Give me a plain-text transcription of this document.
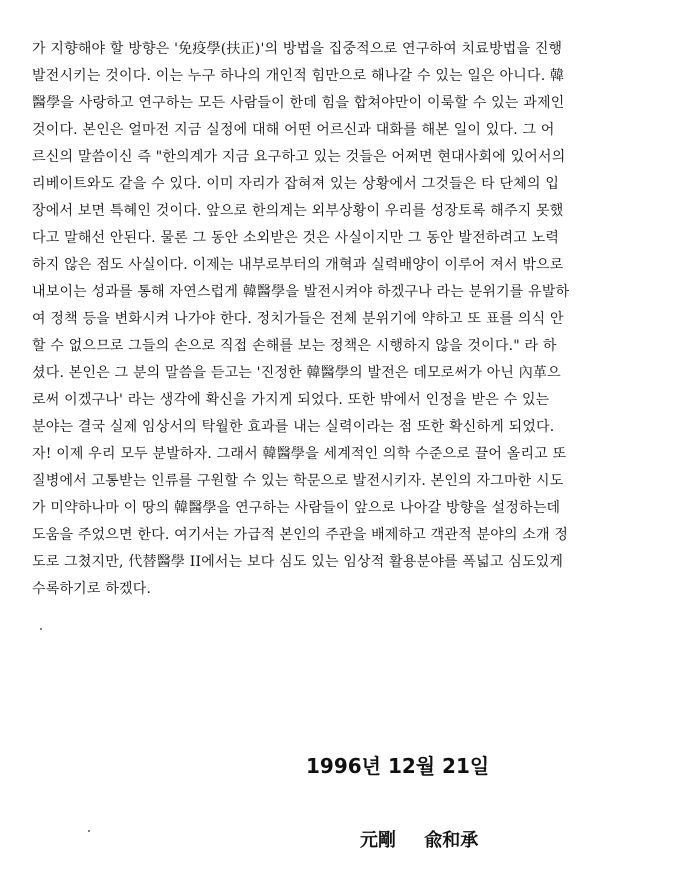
가 지향해야 할 방향은 '免疫學(扶正)'의 방법을 집중적으로 연구하여 치료방법을 진행
발전시키는 것이다. 이는 누구 하나의 개인적 힘만으로 해나갈 수 있는 일은 아니다. 韓
醫學을 사랑하고 연구하는 모든 사람들이 한데 힘을 합쳐야만이 이룩할 수 있는 과제인
것이다. 본인은 얼마전 지금 실정에 대해 어떤 어르신과 대화를 해본 일이 있다. 그 어
르신의 말씀이신 즉 "한의계가 지금 요구하고 있는 것들은 어쩌면 현대사회에 있어서의
리베이트와도 같을 수 있다. 이미 자리가 잡혀져 있는 상황에서 그것들은 타 단체의 입
장에서 보면 특혜인 것이다. 앞으로 한의계는 외부상황이 우리를 성장토록 해주지 못했
다고 말해선 안된다. 물론 그 동안 소외받은 것은 사실이지만 그 동안 발전하려고 노력
하지 않은 점도 사실이다. 이제는 내부로부터의 개혁과 실력배양이 이루어 져서 밖으로
내보이는 성과를 통해 자연스럽게 韓醫學을 발전시켜야 하겠구나 라는 분위기를 유발하
여 정책 등을 변화시켜 나가야 한다. 정치가들은 전체 분위기에 약하고 또 표를 의식 안
할 수 없으므로 그들의 손으로 직접 손해를 보는 정책은 시행하지 않을 것이다." 라 하
셨다. 본인은 그 분의 말씀을 듣고는 '진정한 韓醫學의 발전은 데모로써가 아닌 內革으
로써 이겠구나' 라는 생각에 확신을 가지게 되었다. 또한 밖에서 인정을 받은 수 있는
분야는 결국 실제 임상서의 탁월한 효과를 내는 실력이라는 점 또한 확신하게 되었다.
자! 이제 우리 모두 분발하자. 그래서 韓醫學을 세계적인 의학 수준으로 끌어 올리고 또
질병에서 고통받는 인류를 구원할 수 있는 학문으로 발전시키자. 본인의 자그마한 시도
가 미약하나마 이 땅의 韓醫學을 연구하는 사람들이 앞으로 나아갈 방향을 설정하는데
도움을 주었으면 한다. 여기서는 가급적 본인의 주관을 배제하고 객관적 분야의 소개 정
도로 그쳤지만, 代替醫學 II에서는 보다 심도 있는 임상적 활용분야를 폭넓고 심도있게
수록하기로 하겠다.
1996년 12월 21일
元剛 兪和承
